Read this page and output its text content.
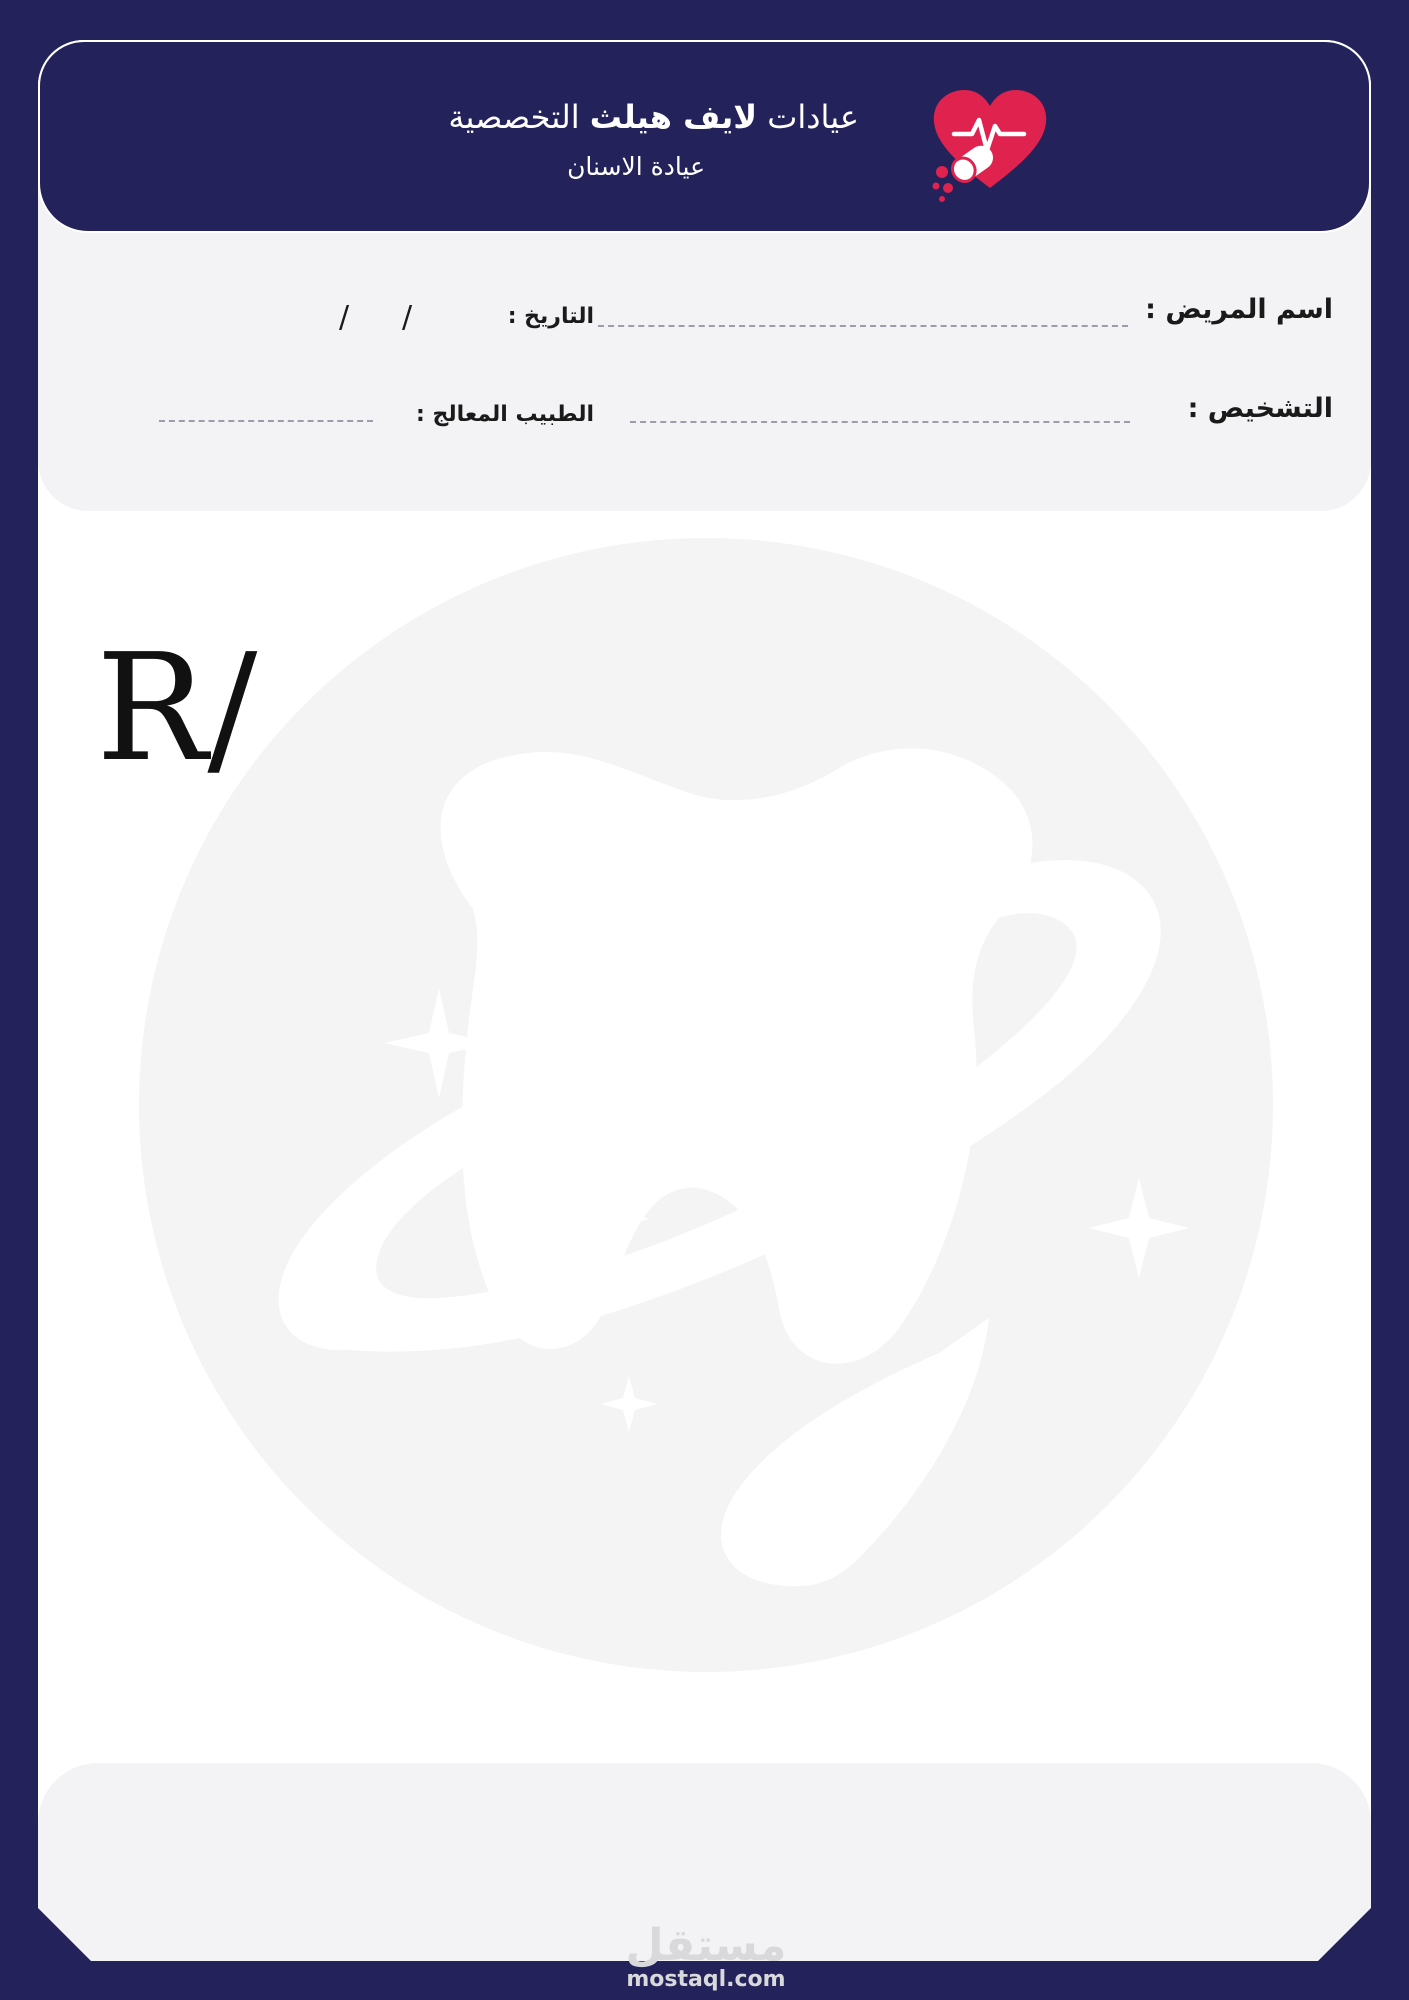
عيادات لايف هيلث التخصصية
عيادة الاسنان
اسم المريض :
التاريخ :
/
/
التشخيص :
الطبيب المعالج :
R/
مستقل
mostaql.com
